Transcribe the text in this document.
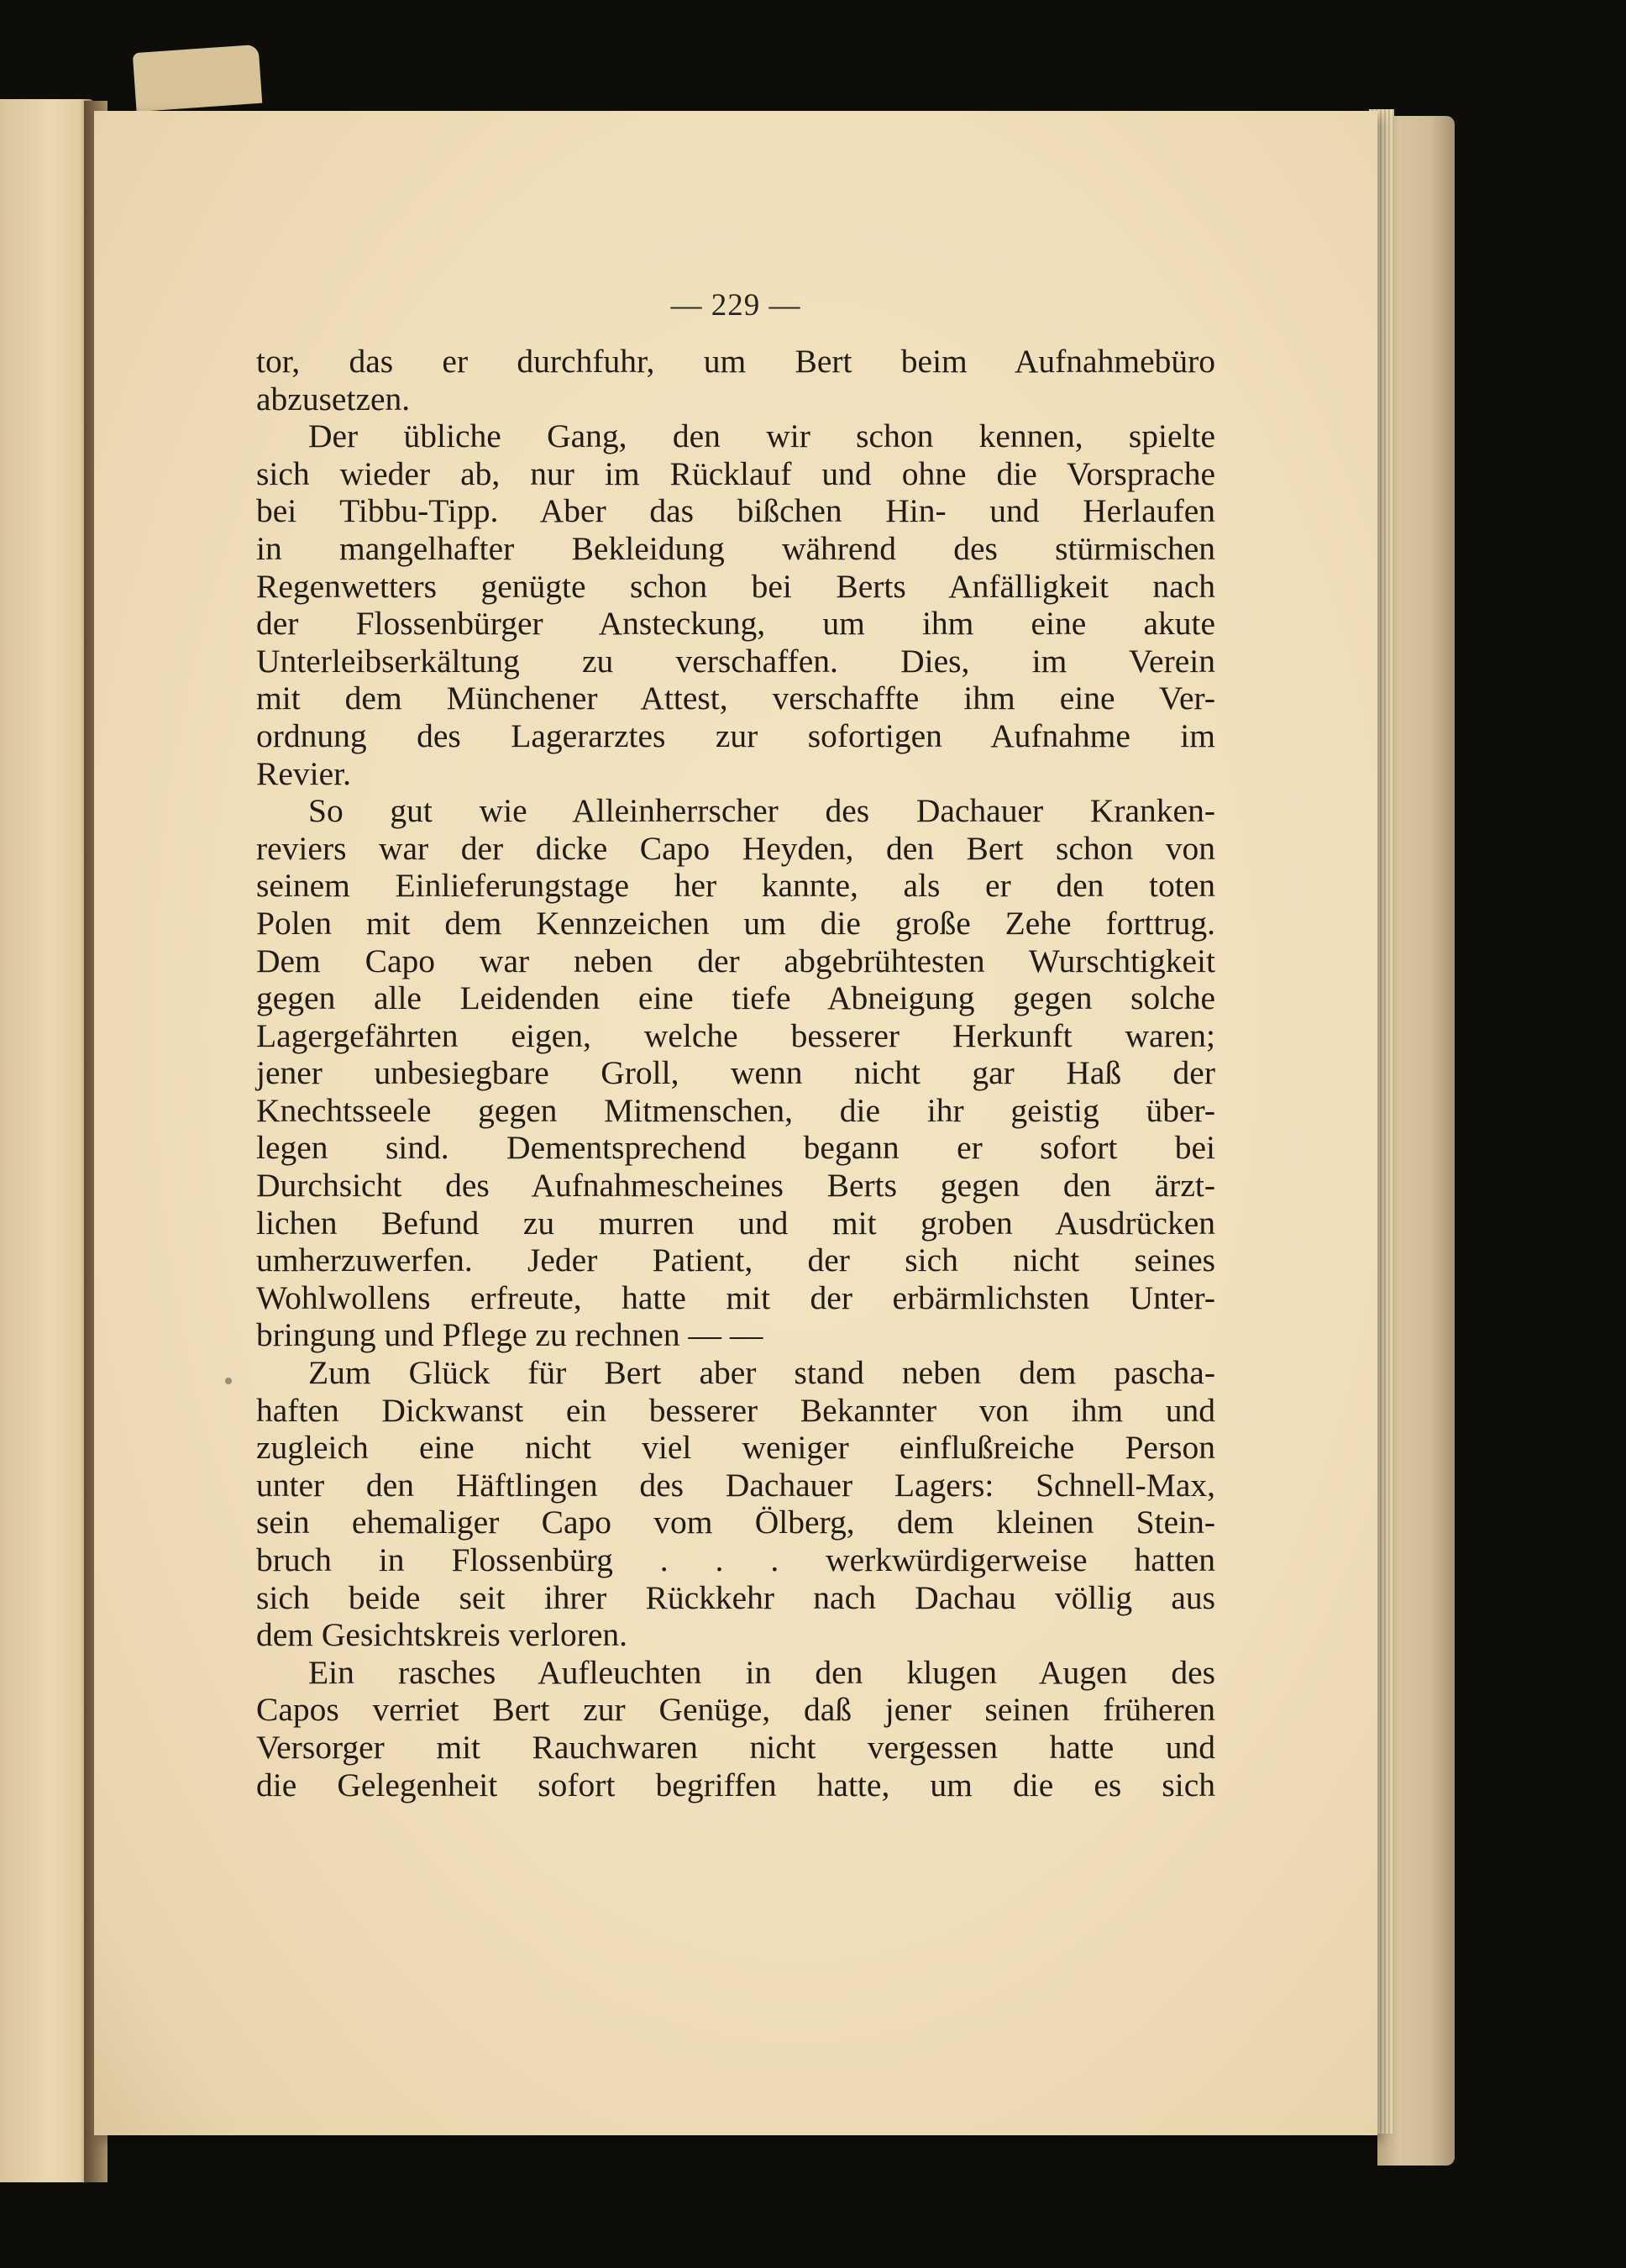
— 229 —
tor, das er durchfuhr, um Bert beim Aufnahmebüro
abzusetzen.
Der übliche Gang, den wir schon kennen, spielte
sich wieder ab, nur im Rücklauf und ohne die Vorsprache
bei Tibbu-Tipp. Aber das bißchen Hin- und Herlaufen
in mangelhafter Bekleidung während des stürmischen
Regenwetters genügte schon bei Berts Anfälligkeit nach
der Flossenbürger Ansteckung, um ihm eine akute
Unterleibserkältung zu verschaffen. Dies, im Verein
mit dem Münchener Attest, verschaffte ihm eine Ver-
ordnung des Lagerarztes zur sofortigen Aufnahme im
Revier.
So gut wie Alleinherrscher des Dachauer Kranken-
reviers war der dicke Capo Heyden, den Bert schon von
seinem Einlieferungstage her kannte, als er den toten
Polen mit dem Kennzeichen um die große Zehe forttrug.
Dem Capo war neben der abgebrühtesten Wurschtigkeit
gegen alle Leidenden eine tiefe Abneigung gegen solche
Lagergefährten eigen, welche besserer Herkunft waren;
jener unbesiegbare Groll, wenn nicht gar Haß der
Knechtsseele gegen Mitmenschen, die ihr geistig über-
legen sind. Dementsprechend begann er sofort bei
Durchsicht des Aufnahmescheines Berts gegen den ärzt-
lichen Befund zu murren und mit groben Ausdrücken
umherzuwerfen. Jeder Patient, der sich nicht seines
Wohlwollens erfreute, hatte mit der erbärmlichsten Unter-
bringung und Pflege zu rechnen — —
Zum Glück für Bert aber stand neben dem pascha-
haften Dickwanst ein besserer Bekannter von ihm und
zugleich eine nicht viel weniger einflußreiche Person
unter den Häftlingen des Dachauer Lagers: Schnell-Max,
sein ehemaliger Capo vom Ölberg, dem kleinen Stein-
bruch in Flossenbürg . . . werkwürdigerweise hatten
sich beide seit ihrer Rückkehr nach Dachau völlig aus
dem Gesichtskreis verloren.
Ein rasches Aufleuchten in den klugen Augen des
Capos verriet Bert zur Genüge, daß jener seinen früheren
Versorger mit Rauchwaren nicht vergessen hatte und
die Gelegenheit sofort begriffen hatte, um die es sich
